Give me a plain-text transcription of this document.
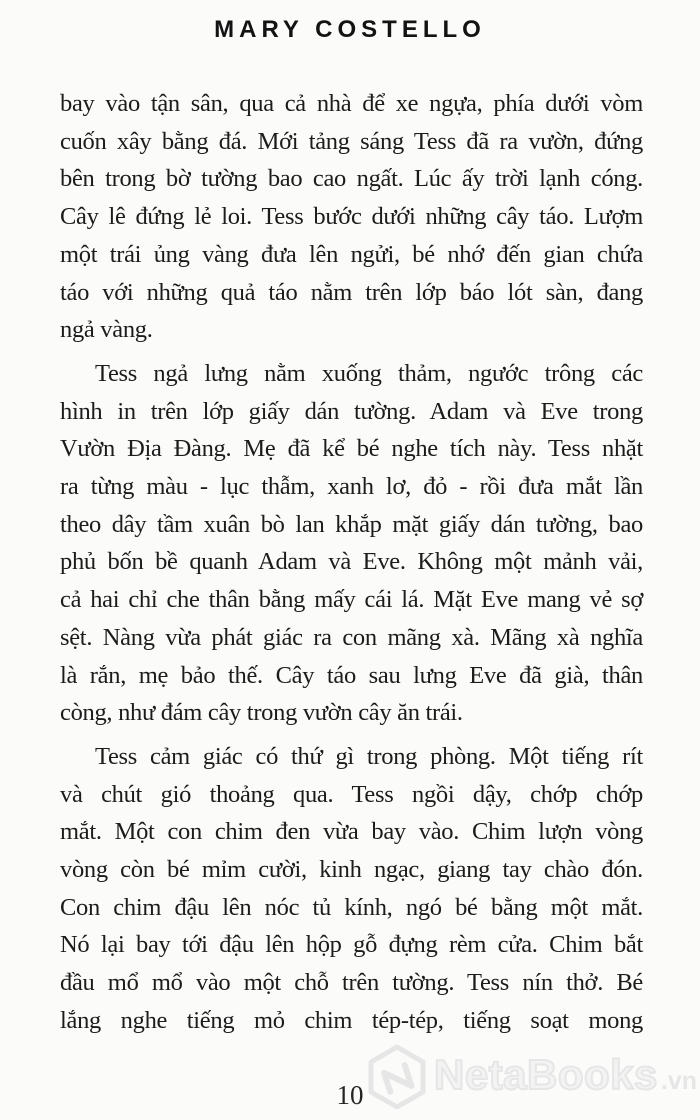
MARY COSTELLO
bay vào tận sân, qua cả nhà để xe ngựa, phía dưới vòm
cuốn xây bằng đá. Mới tảng sáng Tess đã ra vườn, đứng
bên trong bờ tường bao cao ngất. Lúc ấy trời lạnh cóng.
Cây lê đứng lẻ loi. Tess bước dưới những cây táo. Lượm
một trái ủng vàng đưa lên ngửi, bé nhớ đến gian chứa
táo với những quả táo nằm trên lớp báo lót sàn, đang
ngả vàng.
Tess ngả lưng nằm xuống thảm, ngước trông các
hình in trên lớp giấy dán tường. Adam và Eve trong
Vườn Địa Đàng. Mẹ đã kể bé nghe tích này. Tess nhặt
ra từng màu - lục thẫm, xanh lơ, đỏ - rồi đưa mắt lần
theo dây tầm xuân bò lan khắp mặt giấy dán tường, bao
phủ bốn bề quanh Adam và Eve. Không một mảnh vải,
cả hai chỉ che thân bằng mấy cái lá. Mặt Eve mang vẻ sợ
sệt. Nàng vừa phát giác ra con mãng xà. Mãng xà nghĩa
là rắn, mẹ bảo thế. Cây táo sau lưng Eve đã già, thân
còng, như đám cây trong vườn cây ăn trái.
Tess cảm giác có thứ gì trong phòng. Một tiếng rít
và chút gió thoảng qua. Tess ngồi dậy, chớp chớp
mắt. Một con chim đen vừa bay vào. Chim lượn vòng
vòng còn bé mỉm cười, kinh ngạc, giang tay chào đón.
Con chim đậu lên nóc tủ kính, ngó bé bằng một mắt.
Nó lại bay tới đậu lên hộp gỗ đựng rèm cửa. Chim bắt
đầu mổ mổ vào một chỗ trên tường. Tess nín thở. Bé
lắng nghe tiếng mỏ chim tép-tép, tiếng soạt mong
10	NetaBooks .vn
